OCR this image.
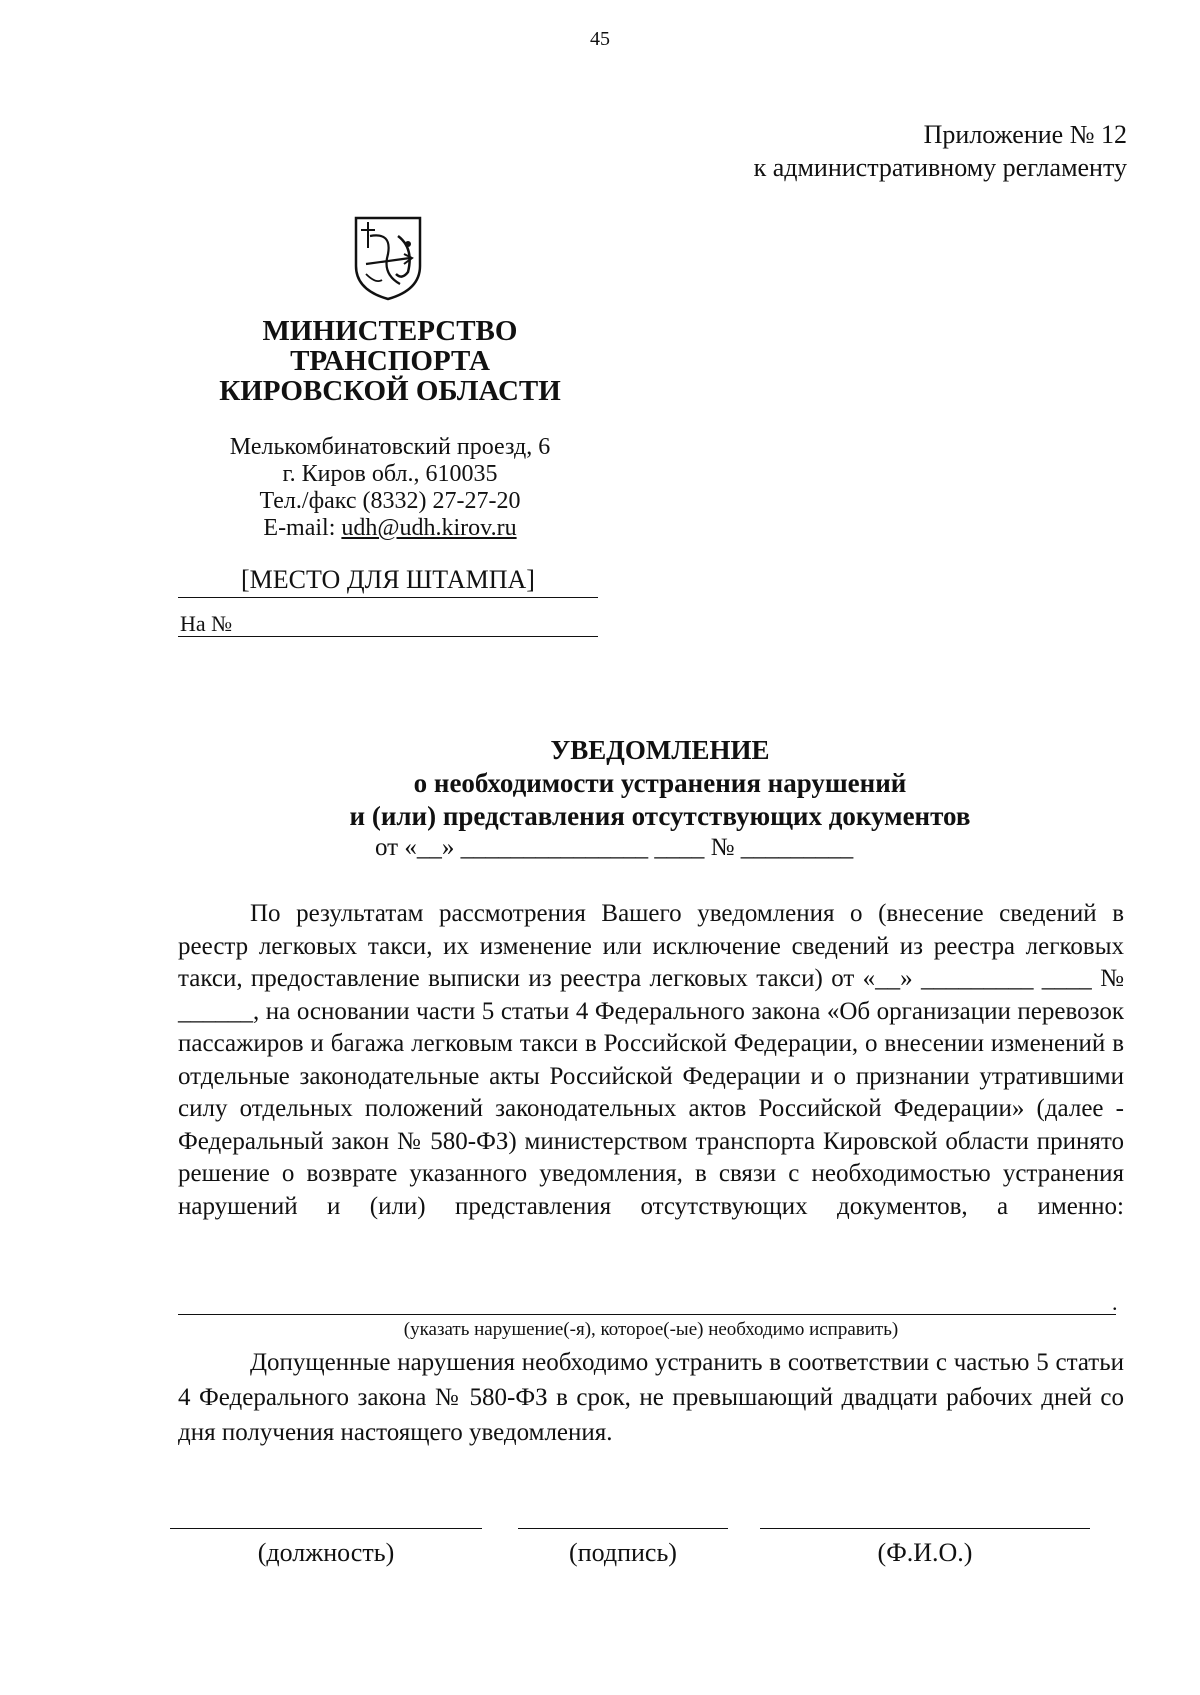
45
Приложение № 12
к административному регламенту
МИНИСТЕРСТВО
ТРАНСПОРТА
КИРОВСКОЙ ОБЛАСТИ
Мелькомбинатовский проезд, 6
г. Киров обл., 610035
Тел./факс (8332) 27-27-20
E-mail: udh@udh.kirov.ru
[МЕСТО ДЛЯ ШТАМПА]
На №
УВЕДОМЛЕНИЕ
о необходимости устранения нарушений
и (или) представления отсутствующих документов
от «__» _______________ ____ № _________

По результатам рассмотрения Вашего уведомления о (внесение сведений в реестр легковых такси, их изменение или исключение сведений из реестра легковых такси, предоставление выписки из реестра легковых такси) от «__» _________ ____ № ______, на основании части 5 статьи 4 Федерального закона «Об организации перевозок пассажиров и багажа легковым такси в Российской Федерации, о внесении изменений в отдельные законодательные акты Российской Федерации и о признании утратившими силу отдельных положений законодательных актов Российской Федерации» (далее - Федеральный закон № 580-ФЗ) министерством транспорта Кировской области принято решение о возврате указанного уведомления, в связи с необходимостью устранения нарушений и (или) представления отсутствующих документов, а именно:

.
(указать нарушение(-я), которое(-ые) необходимо исправить)

Допущенные нарушения необходимо устранить в соответствии с частью 5 статьи 4 Федерального закона № 580-ФЗ в срок, не превышающий двадцати рабочих дней со дня получения настоящего уведомления.

(должность)	(подпись)	(Ф.И.О.)
